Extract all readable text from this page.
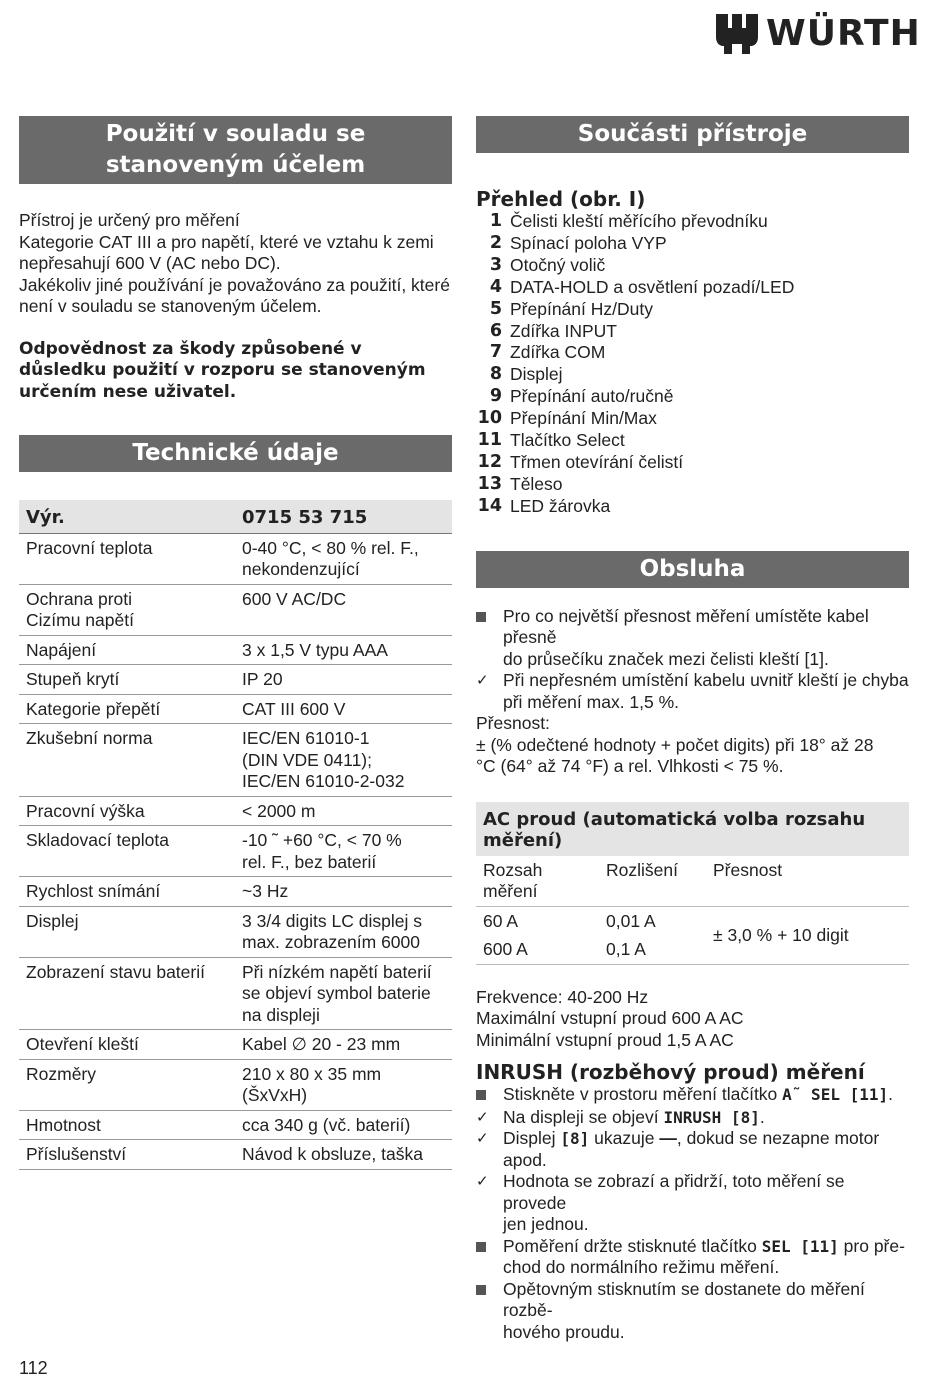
WÜRTH
Použití v souladu se stanoveným účelem

Přístroj je určený pro měření

Kategorie CAT III a pro napětí, které ve vztahu k zemi

nepřesahují 600 V (AC nebo DC).

Jakékoliv jiné používání je považováno za použití, které

není v souladu se stanoveným účelem.

Odpovědnost za škody způsobené v

důsledku použití v rozporu se stanoveným

určením nese uživatel.

Technické údaje
Výr.	0715 53 715

Pracovní teplota	0-40 °C, < 80 % rel. F.,
nekondenzující

Ochrana proti
Cizímu napětí	600 V AC/DC

Napájení	3 x 1,5 V typu AAA

Stupeň krytí	IP 20

Kategorie přepětí	CAT III 600 V

Zkušební norma	IEC/EN 61010-1
(DIN VDE 0411);
IEC/EN 61010-2-032

Pracovní výška	< 2000 m

Skladovací teplota	-10 ˜ +60 °C, < 70 %
rel. F., bez baterií

Rychlost snímání	~3 Hz

Displej	3 3/4 digits LC displej s
max. zobrazením 6000

Zobrazení stavu baterií	Při nízkém napětí baterií
se objeví symbol baterie
na displeji

Otevření kleští	Kabel ∅ 20 - 23 mm

Rozměry	210 x 80 x 35 mm
(ŠxVxH)

Hmotnost	cca 340 g (vč. baterií)

Příslušenství	Návod k obsluze, taška
Součásti přístroje
Přehled (obr. I)
1 Čelisti kleští měřícího převodníku
2 Spínací poloha VYP
3 Otočný volič
4 DATA-HOLD a osvětlení pozadí/LED
5 Přepínání Hz/Duty
6 Zdířka INPUT
7 Zdířka COM
8 Displej
9 Přepínání auto/ručně
10 Přepínání Min/Max
11 Tlačítko Select
12 Třmen otevírání čelistí
13 Těleso
14 LED žárovka
Obsluha
Pro co největší přesnost měření umístěte kabel přesně
do průsečíku značek mezi čelisti kleští [1].
✓ Při nepřesném umístění kabelu uvnitř kleští je chyba
při měření max. 1,5 %.

Přesnost:

± (% odečtené hodnoty + počet digits) při 18° až 28

°C (64° až 74 °F) a rel. Vlhkosti < 75 %.

AC proud (automatická volba rozsahu
měření)		

Rozsah
měření	Rozlišení	Přesnost
60 A	0,01 A	± 3,0 % + 10 digit
600 A	0,1 A	

Frekvence: 40-200 Hz

Maximální vstupní proud 600 A AC

Minimální vstupní proud 1,5 A AC

INRUSH (rozběhový proud) měření
Stiskněte v prostoru měření tlačítko A˜ SEL [11].
✓ Na displeji se objeví INRUSH [8].
✓ Displej [8] ukazuje —, dokud se nezapne motor
apod.
✓ Hodnota se zobrazí a přidrží, toto měření se provede
jen jednou.
Poměření držte stisknuté tlačítko SEL [11] pro pře-
chod do normálního režimu měření.
Opětovným stisknutím se dostanete do měření rozbě-
hového proudu.
112
